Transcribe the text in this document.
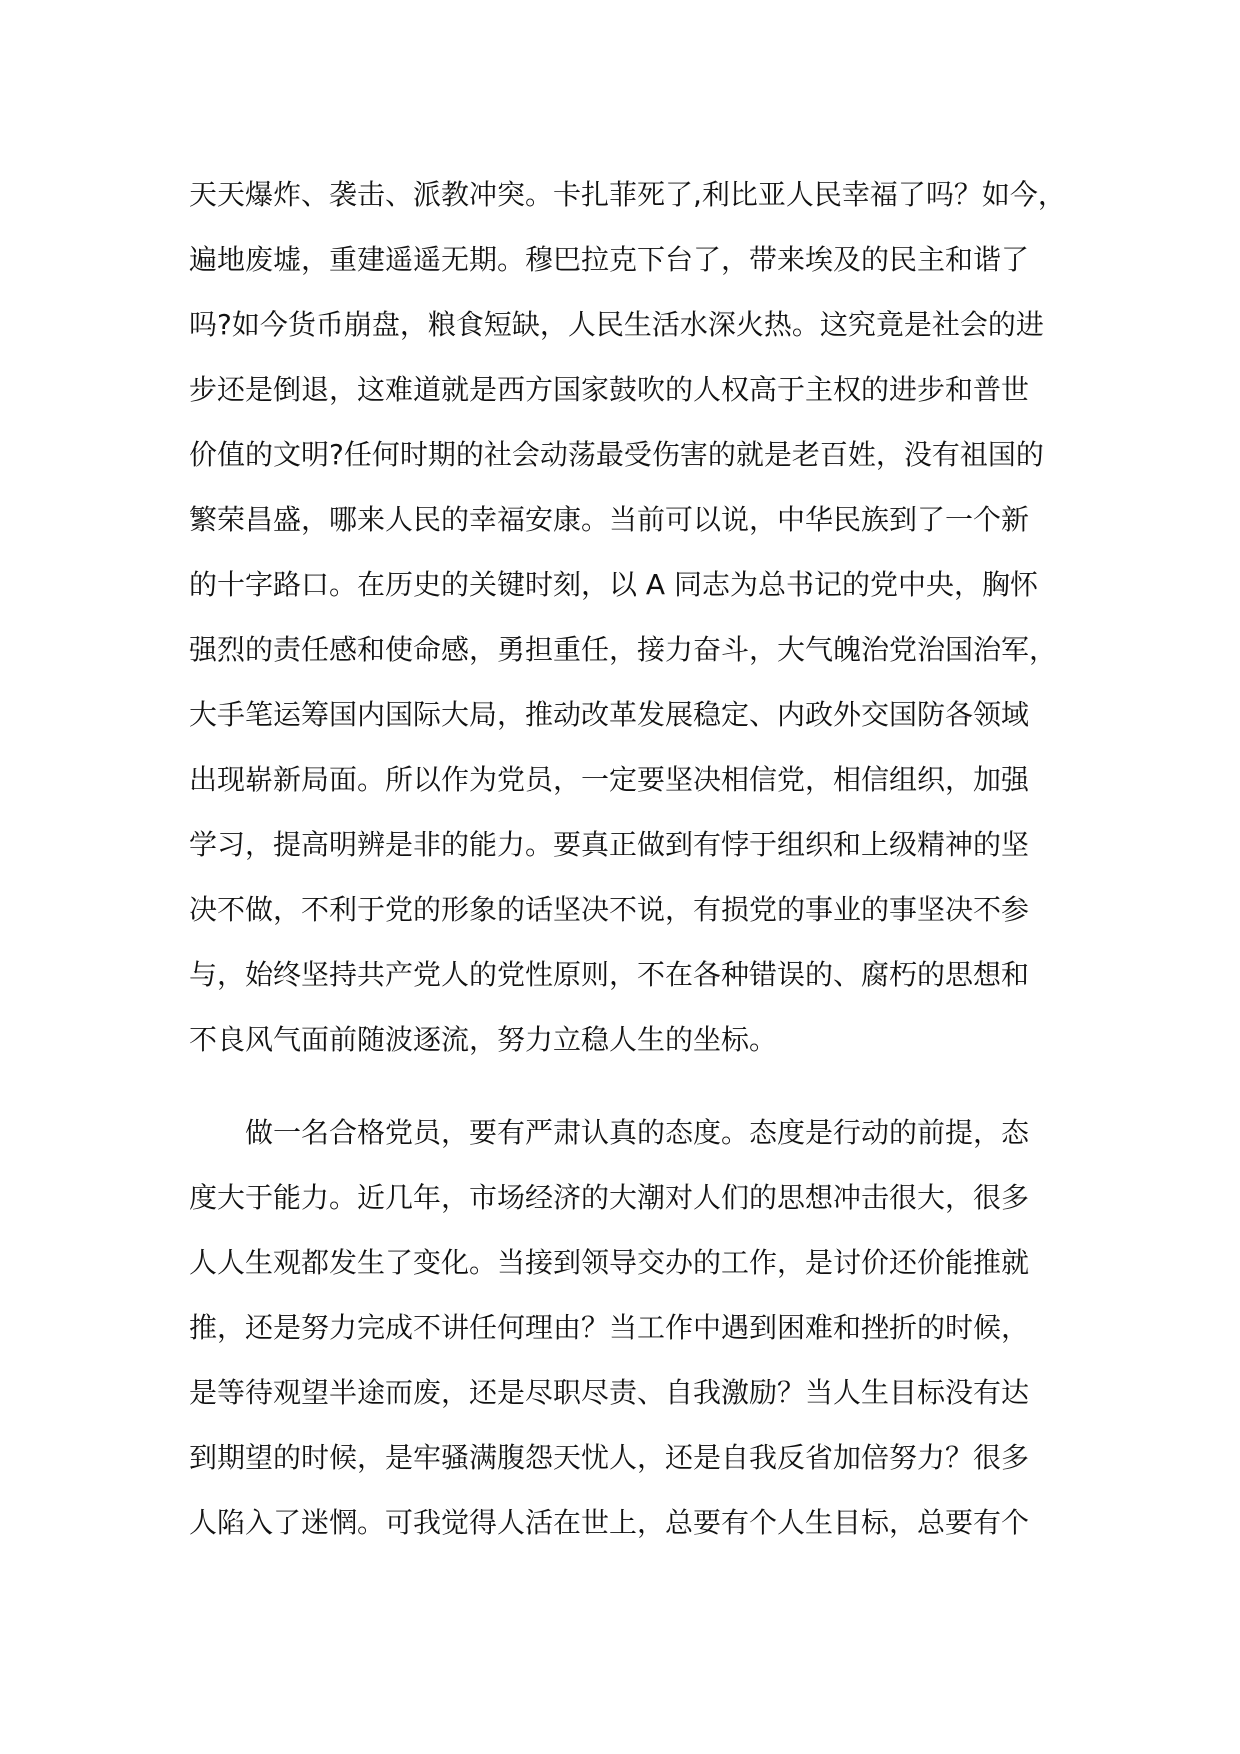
天天爆炸、袭击、派教冲突。卡扎菲死了,利比亚人民幸福了吗？如今，
遍地废墟，重建遥遥无期。穆巴拉克下台了，带来埃及的民主和谐了
吗?如今货币崩盘，粮食短缺，人民生活水深火热。这究竟是社会的进
步还是倒退，这难道就是西方国家鼓吹的人权高于主权的进步和普世
价值的文明?任何时期的社会动荡最受伤害的就是老百姓，没有祖国的
繁荣昌盛，哪来人民的幸福安康。当前可以说，中华民族到了一个新
的十字路口。在历史的关键时刻，以 A 同志为总书记的党中央，胸怀
强烈的责任感和使命感，勇担重任，接力奋斗，大气魄治党治国治军，
大手笔运筹国内国际大局，推动改革发展稳定、内政外交国防各领域
出现崭新局面。所以作为党员，一定要坚决相信党，相信组织，加强
学习，提高明辨是非的能力。要真正做到有悖于组织和上级精神的坚
决不做，不利于党的形象的话坚决不说，有损党的事业的事坚决不参
与，始终坚持共产党人的党性原则，不在各种错误的、腐朽的思想和
不良风气面前随波逐流，努力立稳人生的坐标。
做一名合格党员，要有严肃认真的态度。态度是行动的前提，态
度大于能力。近几年，市场经济的大潮对人们的思想冲击很大，很多
人人生观都发生了变化。当接到领导交办的工作，是讨价还价能推就
推，还是努力完成不讲任何理由？当工作中遇到困难和挫折的时候，
是等待观望半途而废，还是尽职尽责、自我激励？当人生目标没有达
到期望的时候，是牢骚满腹怨天忧人，还是自我反省加倍努力？很多
人陷入了迷惘。可我觉得人活在世上，总要有个人生目标，总要有个
